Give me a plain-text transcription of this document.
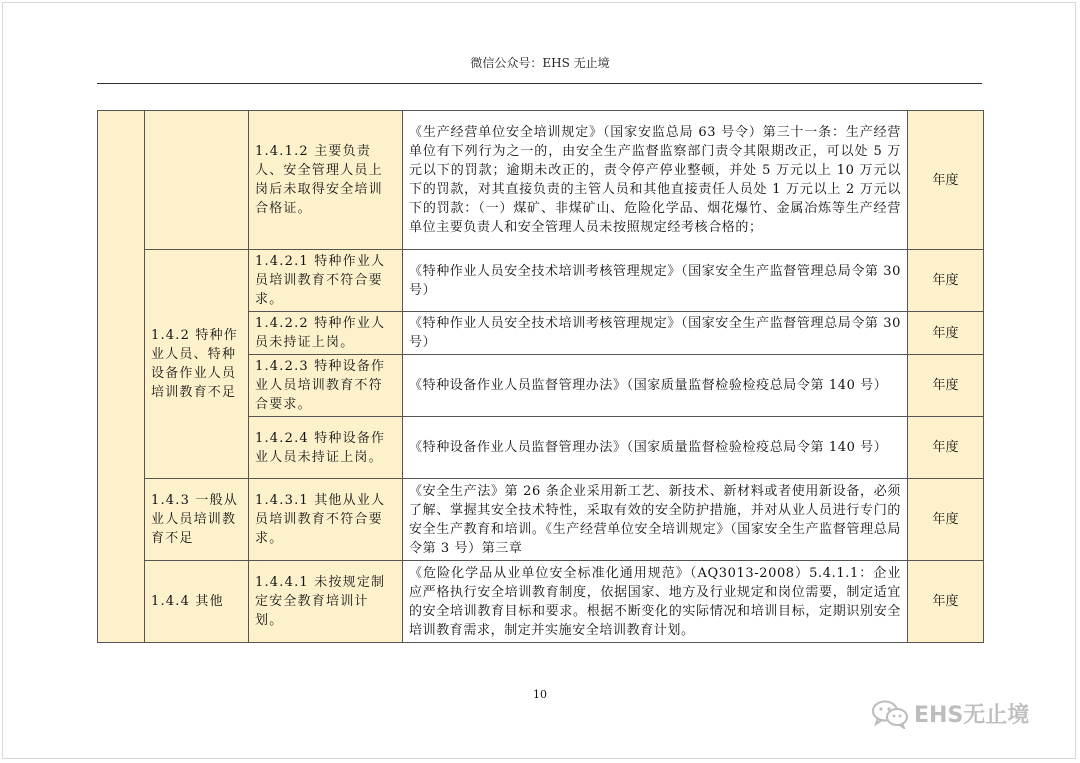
微信公众号：EHS 无止境
		1.4.1.2 主要负责人、安全管理人员上岗后未取得安全培训合格证。	《生产经营单位安全培训规定》（国家安监总局 63 号令）第三十一条：生产经营单位有下列行为之一的，由安全生产监督监察部门责令其限期改正，可以处 5 万元以下的罚款；逾期未改正的，责令停产停业整顿，并处 5 万元以上 10 万元以下的罚款，对其直接负责的主管人员和其他直接责任人员处 1 万元以上 2 万元以下的罚款：（一）煤矿、非煤矿山、危险化学品、烟花爆竹、金属冶炼等生产经营单位主要负责人和安全管理人员未按照规定经考核合格的；	年度
	1.4.2 特种作业人员、特种设备作业人员培训教育不足	1.4.2.1 特种作业人员培训教育不符合要求。	《特种作业人员安全技术培训考核管理规定》（国家安全生产监督管理总局令第 30 号）	年度
		1.4.2.2 特种作业人员未持证上岗。	《特种作业人员安全技术培训考核管理规定》（国家安全生产监督管理总局令第 30 号）	年度
		1.4.2.3 特种设备作业人员培训教育不符合要求。	《特种设备作业人员监督管理办法》（国家质量监督检验检疫总局令第 140 号）	年度
		1.4.2.4 特种设备作业人员未持证上岗。	《特种设备作业人员监督管理办法》（国家质量监督检验检疫总局令第 140 号）	年度
	1.4.3 一般从业人员培训教育不足	1.4.3.1 其他从业人员培训教育不符合要求。	《安全生产法》第 26 条企业采用新工艺、新技术、新材料或者使用新设备，必须了解、掌握其安全技术特性，采取有效的安全防护措施，并对从业人员进行专门的安全生产教育和培训。《生产经营单位安全培训规定》（国家安全生产监督管理总局令第 3 号）第三章	年度
	1.4.4 其他	1.4.4.1 未按规定制定安全教育培训计划。	《危险化学品从业单位安全标准化通用规范》（AQ3013-2008）5.4.1.1：企业应严格执行安全培训教育制度，依据国家、地方及行业规定和岗位需要，制定适宜的安全培训教育目标和要求。根据不断变化的实际情况和培训目标，定期识别安全培训教育需求，制定并实施安全培训教育计划。	年度
10
EHS无止境
